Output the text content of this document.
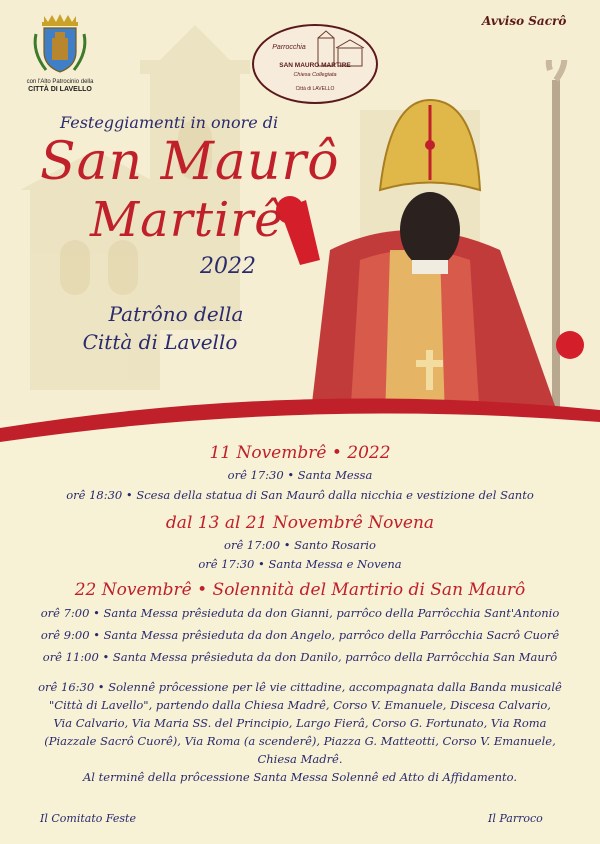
con l'Alto Patrocinio della
CITTÀ DI LAVELLO
Parrocchia
SAN MAURO MARTIRE
Chiesa Collegiata
Città di LAVELLO
Avviso Sacrô
Festeggiamenti in onore di
San Maurô
Martirê
2022
Patrôno della
Città di Lavello
11 Novembrê • 2022
orê 17:30 • Santa Messa
orê 18:30 • Scesa della statua di San Maurô dalla nicchia e vestizione del Santo
dal 13 al 21 Novembrê Novena
orê 17:00 • Santo Rosario
orê 17:30 • Santa Messa e Novena
22 Novembrê • Solennità del Martirio di San Maurô
orê 7:00 • Santa Messa prêsieduta da don Gianni, parrôco della Parrôcchia Sant'Antonio
orê 9:00 • Santa Messa prêsieduta da don Angelo, parrôco della Parrôcchia Sacrô Cuorê
orê 11:00 • Santa Messa prêsieduta da don Danilo, parrôco della Parrôcchia San Maurô
orê 16:30 • Solennê prôcessione per lê vie cittadine, accompagnata dalla Banda musicalê
"Città di Lavello", partendo dalla Chiesa Madrê, Corso V. Emanuele, Discesa Calvario,
Via Calvario, Via Maria SS. del Principio, Largo Fierâ, Corso G. Fortunato, Via Roma
(Piazzale Sacrô Cuorê), Via Roma (a scenderê), Piazza G. Matteotti, Corso V. Emanuele,
Chiesa Madrê.
Al terminê della prôcessione Santa Messa Solennê ed Atto di Affidamento.
Il Comitato Feste	Il Parroco
